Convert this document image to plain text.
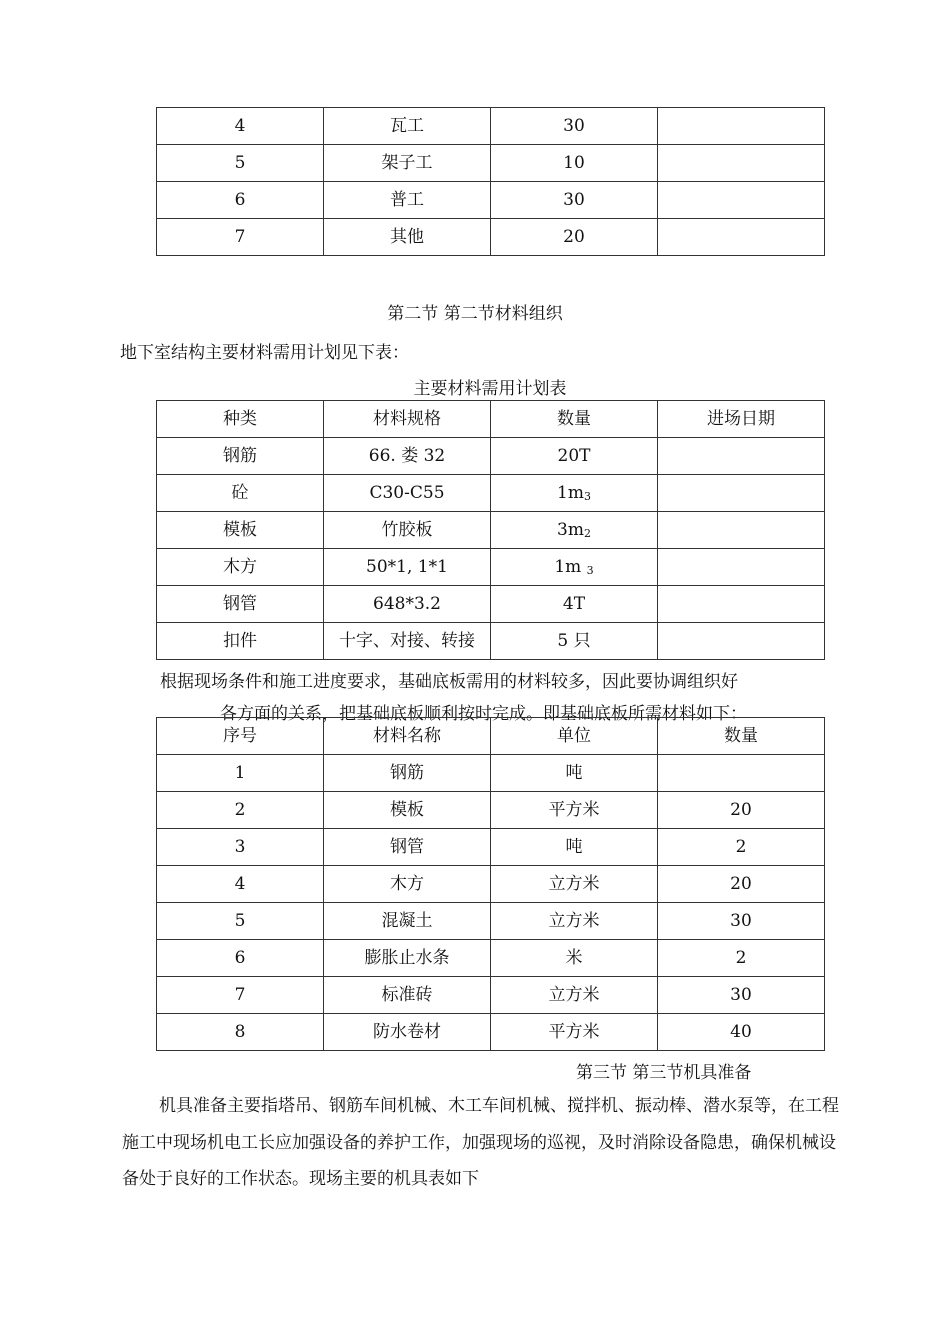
4	瓦工	30	
5	架子工	10	
6	普工	30	
7	其他	20	
第二节 第二节材料组织
地下室结构主要材料需用计划见下表：
主要材料需用计划表
种类	材料规格	数量	进场日期
钢筋	66. 娄 32	20T	
砼	C30-C55	$1m_3$	
模板	竹胶板	$3m_2$	
木方	50*1, 1*1	1m $_3$	
钢管	648*3.2	4T	
扣件	十字、对接、转接	5 只	
根据现场条件和施工进度要求，基础底板需用的材料较多，因此要协调组织好
各方面的关系，把基础底板顺利按时完成。即基础底板所需材料如下：
序号	材料名称	单位	数量
1	钢筋	吨	
2	模板	平方米	20
3	钢管	吨	2
4	木方	立方米	20
5	混凝土	立方米	30
6	膨胀止水条	米	2
7	标准砖	立方米	30
8	防水卷材	平方米	40
第三节 第三节机具准备
机具准备主要指塔吊、钢筋车间机械、木工车间机械、搅拌机、振动棒、潜水泵等，在工程
施工中现场机电工长应加强设备的养护工作，加强现场的巡视，及时消除设备隐患，确保机械设
备处于良好的工作状态。现场主要的机具表如下
